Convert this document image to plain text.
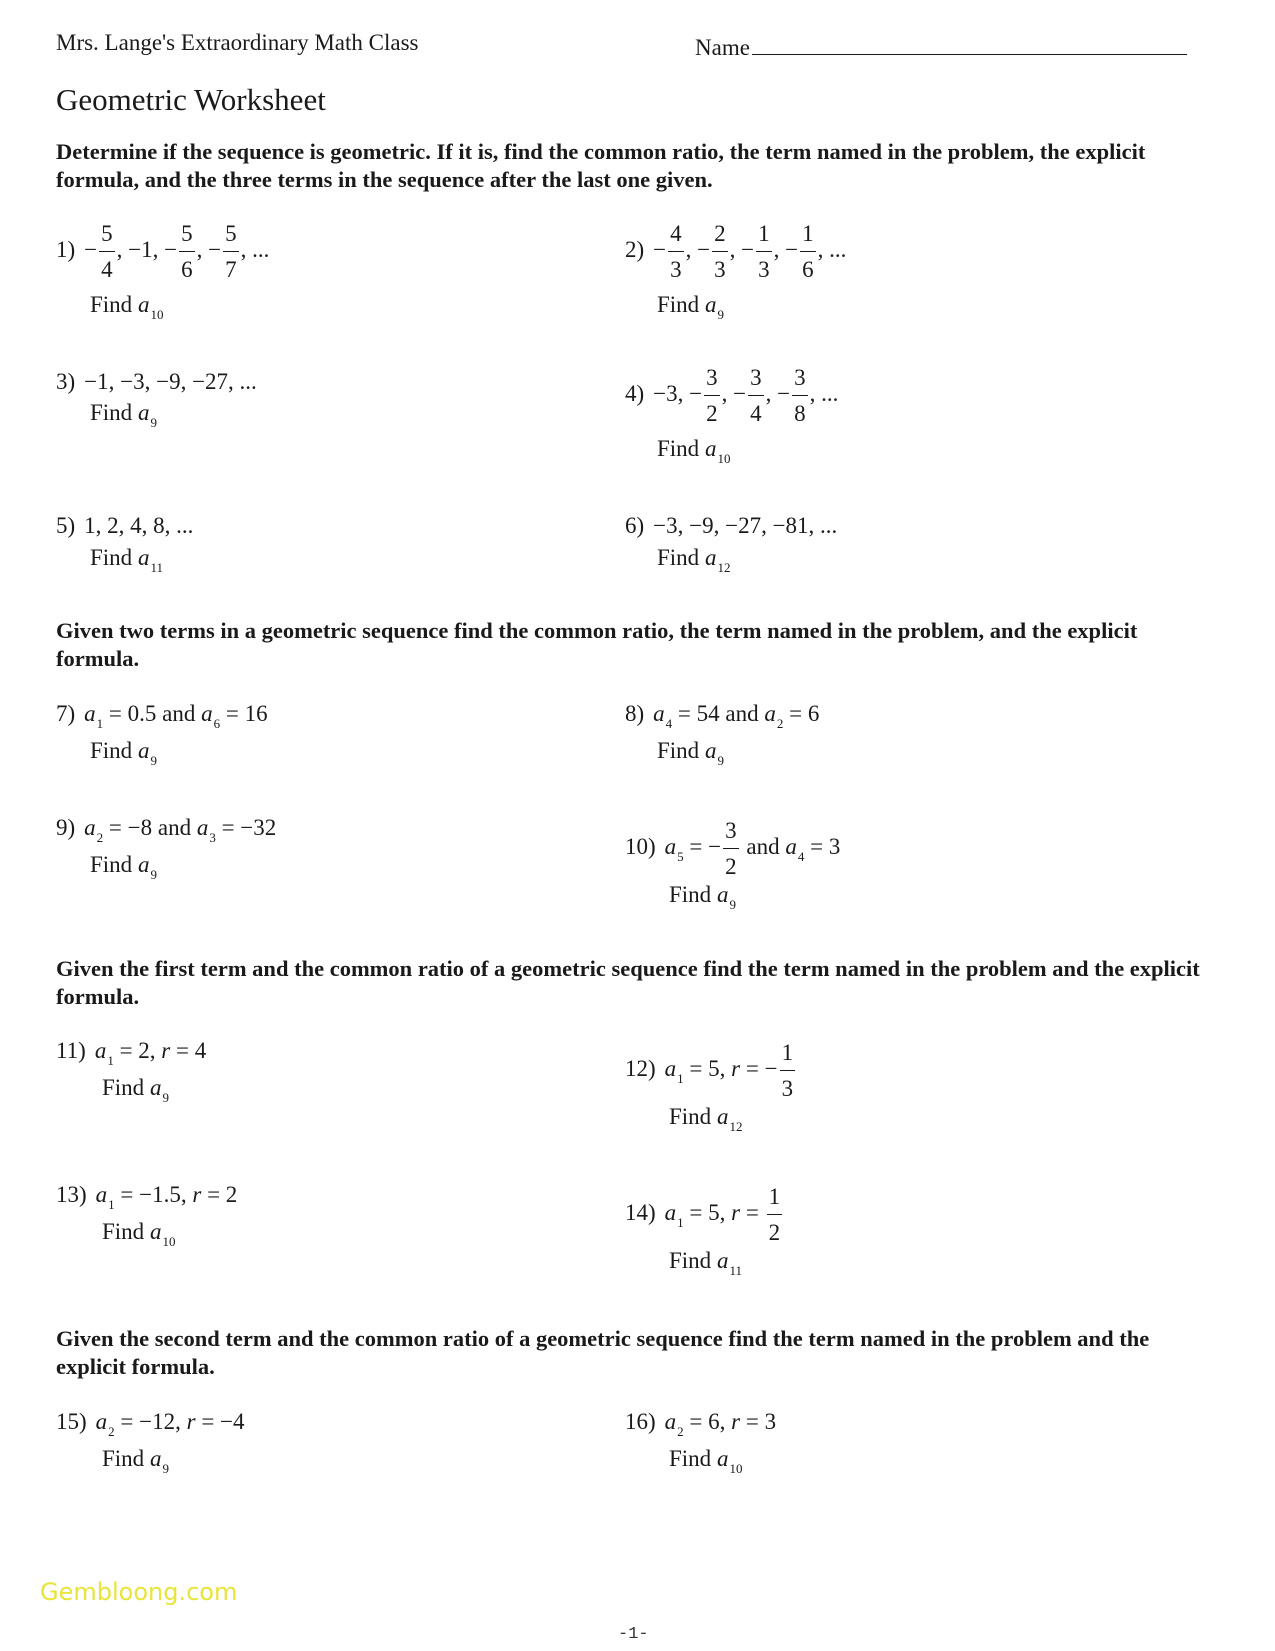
Mrs. Lange's Extraordinary Math Class	Name
Geometric Worksheet
Determine if the sequence is geometric. If it is, find the common ratio, the term named in the problem, the explicit formula, and the three terms in the sequence after the last one given.
$1) - \frac{5}{4}$ , −1, − $\frac{5}{6}$ , − $\frac{5}{7}$ , ...
Find $a_{10}$
$2) - \frac{4}{3}$ , − $\frac{2}{3}$ , − $\frac{1}{3}$ , − $\frac{1}{6}$ , ...
Find $a_9$
3) −1, −3, −9, −27, ...
Find $a_9$
4) −3, − $\frac{3}{2}$ , − $\frac{3}{4}$ , − $\frac{3}{8}$ , ...
Find $a_{10}$
5) 1, 2, 4, 8, ...
Find $a_{11}$
6) −3, −9, −27, −81, ...
Find $a_{12}$
Given two terms in a geometric sequence find the common ratio, the term named in the problem, and the explicit formula.
7) $a_1 = 0.5$ and $a_6 = 16$
Find $a_9$
8) $a_4 = 54$ and $a_2 = 6$
Find $a_9$
9) $a_2 = -8$ and $a_3 = -32$
Find $a_9$
10) $a_5$ = − $\frac{3}{2}$ and $a_4 = 3$
Find $a_9$
Given the first term and the common ratio of a geometric sequence find the term named in the problem and the explicit formula.
11) $a_1 = 2$, r = 4
Find $a_9$
12) $a_1 = 5$, r = − $\frac{1}{3}$
Find $a_{12}$
13) $a_1 = -1.5$, r = 2
Find $a_{10}$
14) $a_1 = 5$, $r = \frac{1}{2}$
Find $a_{11}$
Given the second term and the common ratio of a geometric sequence find the term named in the problem and the explicit formula.
15) $a_2 = -12$, r = −4
Find $a_9$
16) $a_2 = 6$, r = 3
Find $a_{10}$
Gembloong.com
-1-
